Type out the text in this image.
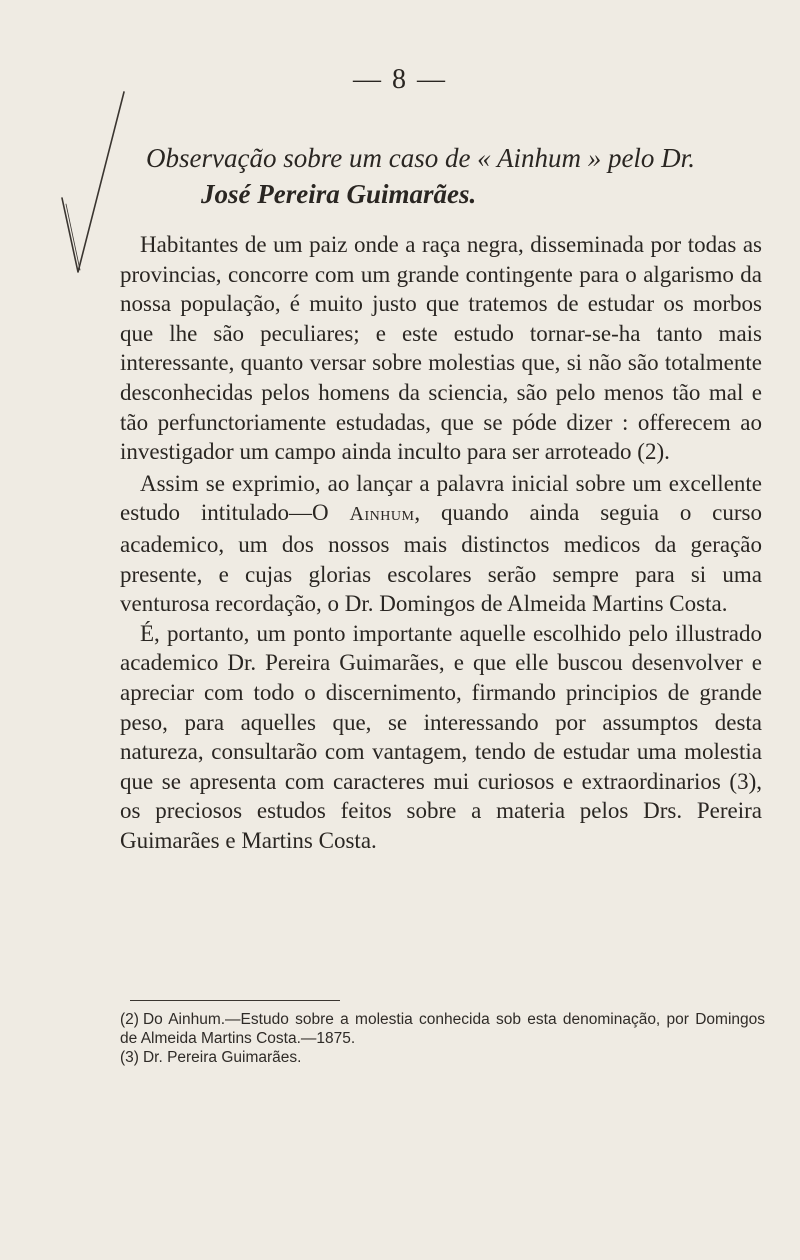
— 8 —
Observação sobre um caso de « Ainhum » pelo Dr.
José Pereira Guimarães.

Habitantes de um paiz onde a raça negra, disseminada por todas as provincias, concorre com um grande contingente para o algarismo da nossa população, é muito justo que tratemos de estudar os morbos que lhe são peculiares; e este estudo tornar-se-ha tanto mais interessante, quanto versar sobre molestias que, si não são totalmente desconhecidas pelos homens da sciencia, são pelo menos tão mal e tão perfunctoriamente estudadas, que se póde dizer : offerecem ao investigador um campo ainda inculto para ser arroteado (2).

Assim se exprimio, ao lançar a palavra inicial sobre um excellente estudo intitulado—O Ainhum, quando ainda seguia o curso academico, um dos nossos mais distinctos medicos da geração presente, e cujas glorias escolares serão sempre para si uma venturosa recordação, o Dr. Domingos de Almeida Martins Costa.

É, portanto, um ponto importante aquelle escolhido pelo illustrado academico Dr. Pereira Guimarães, e que elle buscou desenvolver e apreciar com todo o discernimento, firmando principios de grande peso, para aquelles que, se interessando por assumptos desta natureza, consultarão com vantagem, tendo de estudar uma molestia que se apresenta com caracteres mui curiosos e extraordinarios (3), os preciosos estudos feitos sobre a materia pelos Drs. Pereira Guimarães e Martins Costa.

(2) Do Ainhum.—Estudo sobre a molestia conhecida sob esta denominação, por Domingos de Almeida Martins Costa.—1875.

(3) Dr. Pereira Guimarães.
